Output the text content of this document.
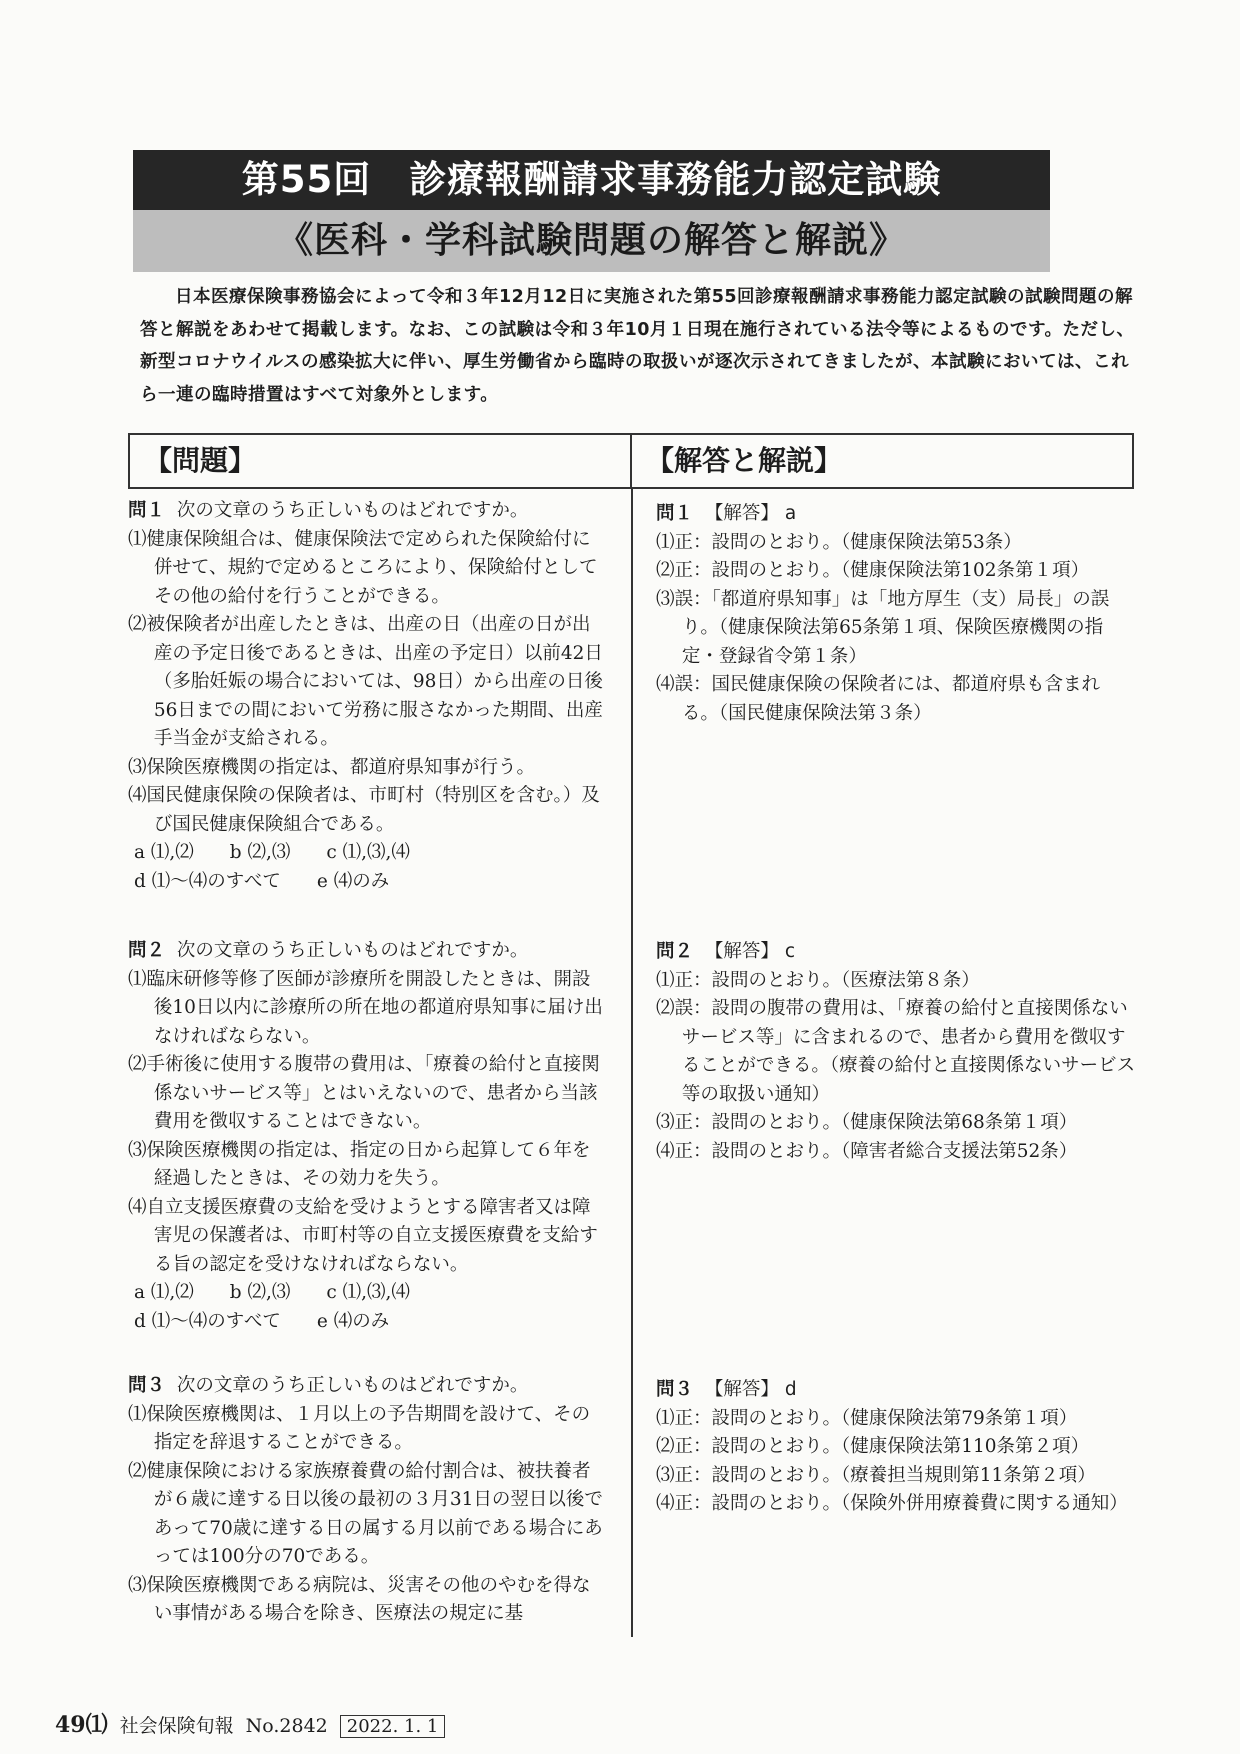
第55回　診療報酬請求事務能力認定試験
《医科・学科試験問題の解答と解説》

日本医療保険事務協会によって令和３年12月12日に実施された第55回診療報酬請求事務能力認定試験の試験問題の解答と解説をあわせて掲載します。なお、この試験は令和３年10月１日現在施行されている法令等によるものです。ただし、新型コロナウイルスの感染拡大に伴い、厚生労働省から臨時の取扱いが逐次示されてきましたが、本試験においては、これら一連の臨時措置はすべて対象外とします。

【問題】	【解答と解説】
問１ 次の文章のうち正しいものはどれですか。

⑴健康保険組合は、健康保険法で定められた保険給付に併せて、規約で定めるところにより、保険給付としてその他の給付を行うことができる。

⑵被保険者が出産したときは、出産の日（出産の日が出産の予定日後であるときは、出産の予定日）以前42日（多胎妊娠の場合においては、98日）から出産の日後56日までの間において労務に服さなかった期間、出産手当金が支給される。

⑶保険医療機関の指定は、都道府県知事が行う。

⑷国民健康保険の保険者は、市町村（特別区を含む。）及び国民健康保険組合である。

a ⑴,⑵ b ⑵,⑶ c ⑴,⑶,⑷
d ⑴〜⑷のすべて e ⑷のみ
問２ 次の文章のうち正しいものはどれですか。

⑴臨床研修等修了医師が診療所を開設したときは、開設後10日以内に診療所の所在地の都道府県知事に届け出なければならない。

⑵手術後に使用する腹帯の費用は、「療養の給付と直接関係ないサービス等」とはいえないので、患者から当該費用を徴収することはできない。

⑶保険医療機関の指定は、指定の日から起算して６年を経過したときは、その効力を失う。

⑷自立支援医療費の支給を受けようとする障害者又は障害児の保護者は、市町村等の自立支援医療費を支給する旨の認定を受けなければならない。

a ⑴,⑵ b ⑵,⑶ c ⑴,⑶,⑷
d ⑴〜⑷のすべて e ⑷のみ
問３ 次の文章のうち正しいものはどれですか。

⑴保険医療機関は、１月以上の予告期間を設けて、その指定を辞退することができる。

⑵健康保険における家族療養費の給付割合は、被扶養者が６歳に達する日以後の最初の３月31日の翌日以後であって70歳に達する日の属する月以前である場合にあっては100分の70である。

⑶保険医療機関である病院は、災害その他のやむを得ない事情がある場合を除き、医療法の規定に基

問１ 【解答】 a

⑴正：設問のとおり。（健康保険法第53条）

⑵正：設問のとおり。（健康保険法第102条第１項）

⑶誤：「都道府県知事」は「地方厚生（支）局長」の誤り。（健康保険法第65条第１項、保険医療機関の指定・登録省令第１条）

⑷誤：国民健康保険の保険者には、都道府県も含まれる。（国民健康保険法第３条）

問２ 【解答】 c

⑴正：設問のとおり。（医療法第８条）

⑵誤：設問の腹帯の費用は、「療養の給付と直接関係ないサービス等」に含まれるので、患者から費用を徴収することができる。（療養の給付と直接関係ないサービス等の取扱い通知）

⑶正：設問のとおり。（健康保険法第68条第１項）

⑷正：設問のとおり。（障害者総合支援法第52条）

問３ 【解答】 d

⑴正：設問のとおり。（健康保険法第79条第１項）

⑵正：設問のとおり。（健康保険法第110条第２項）

⑶正：設問のとおり。（療養担当規則第11条第２項）

⑷正：設問のとおり。（保険外併用療養費に関する通知）

49⑴ 社会保険旬報 No.2842	2022. 1. 1
